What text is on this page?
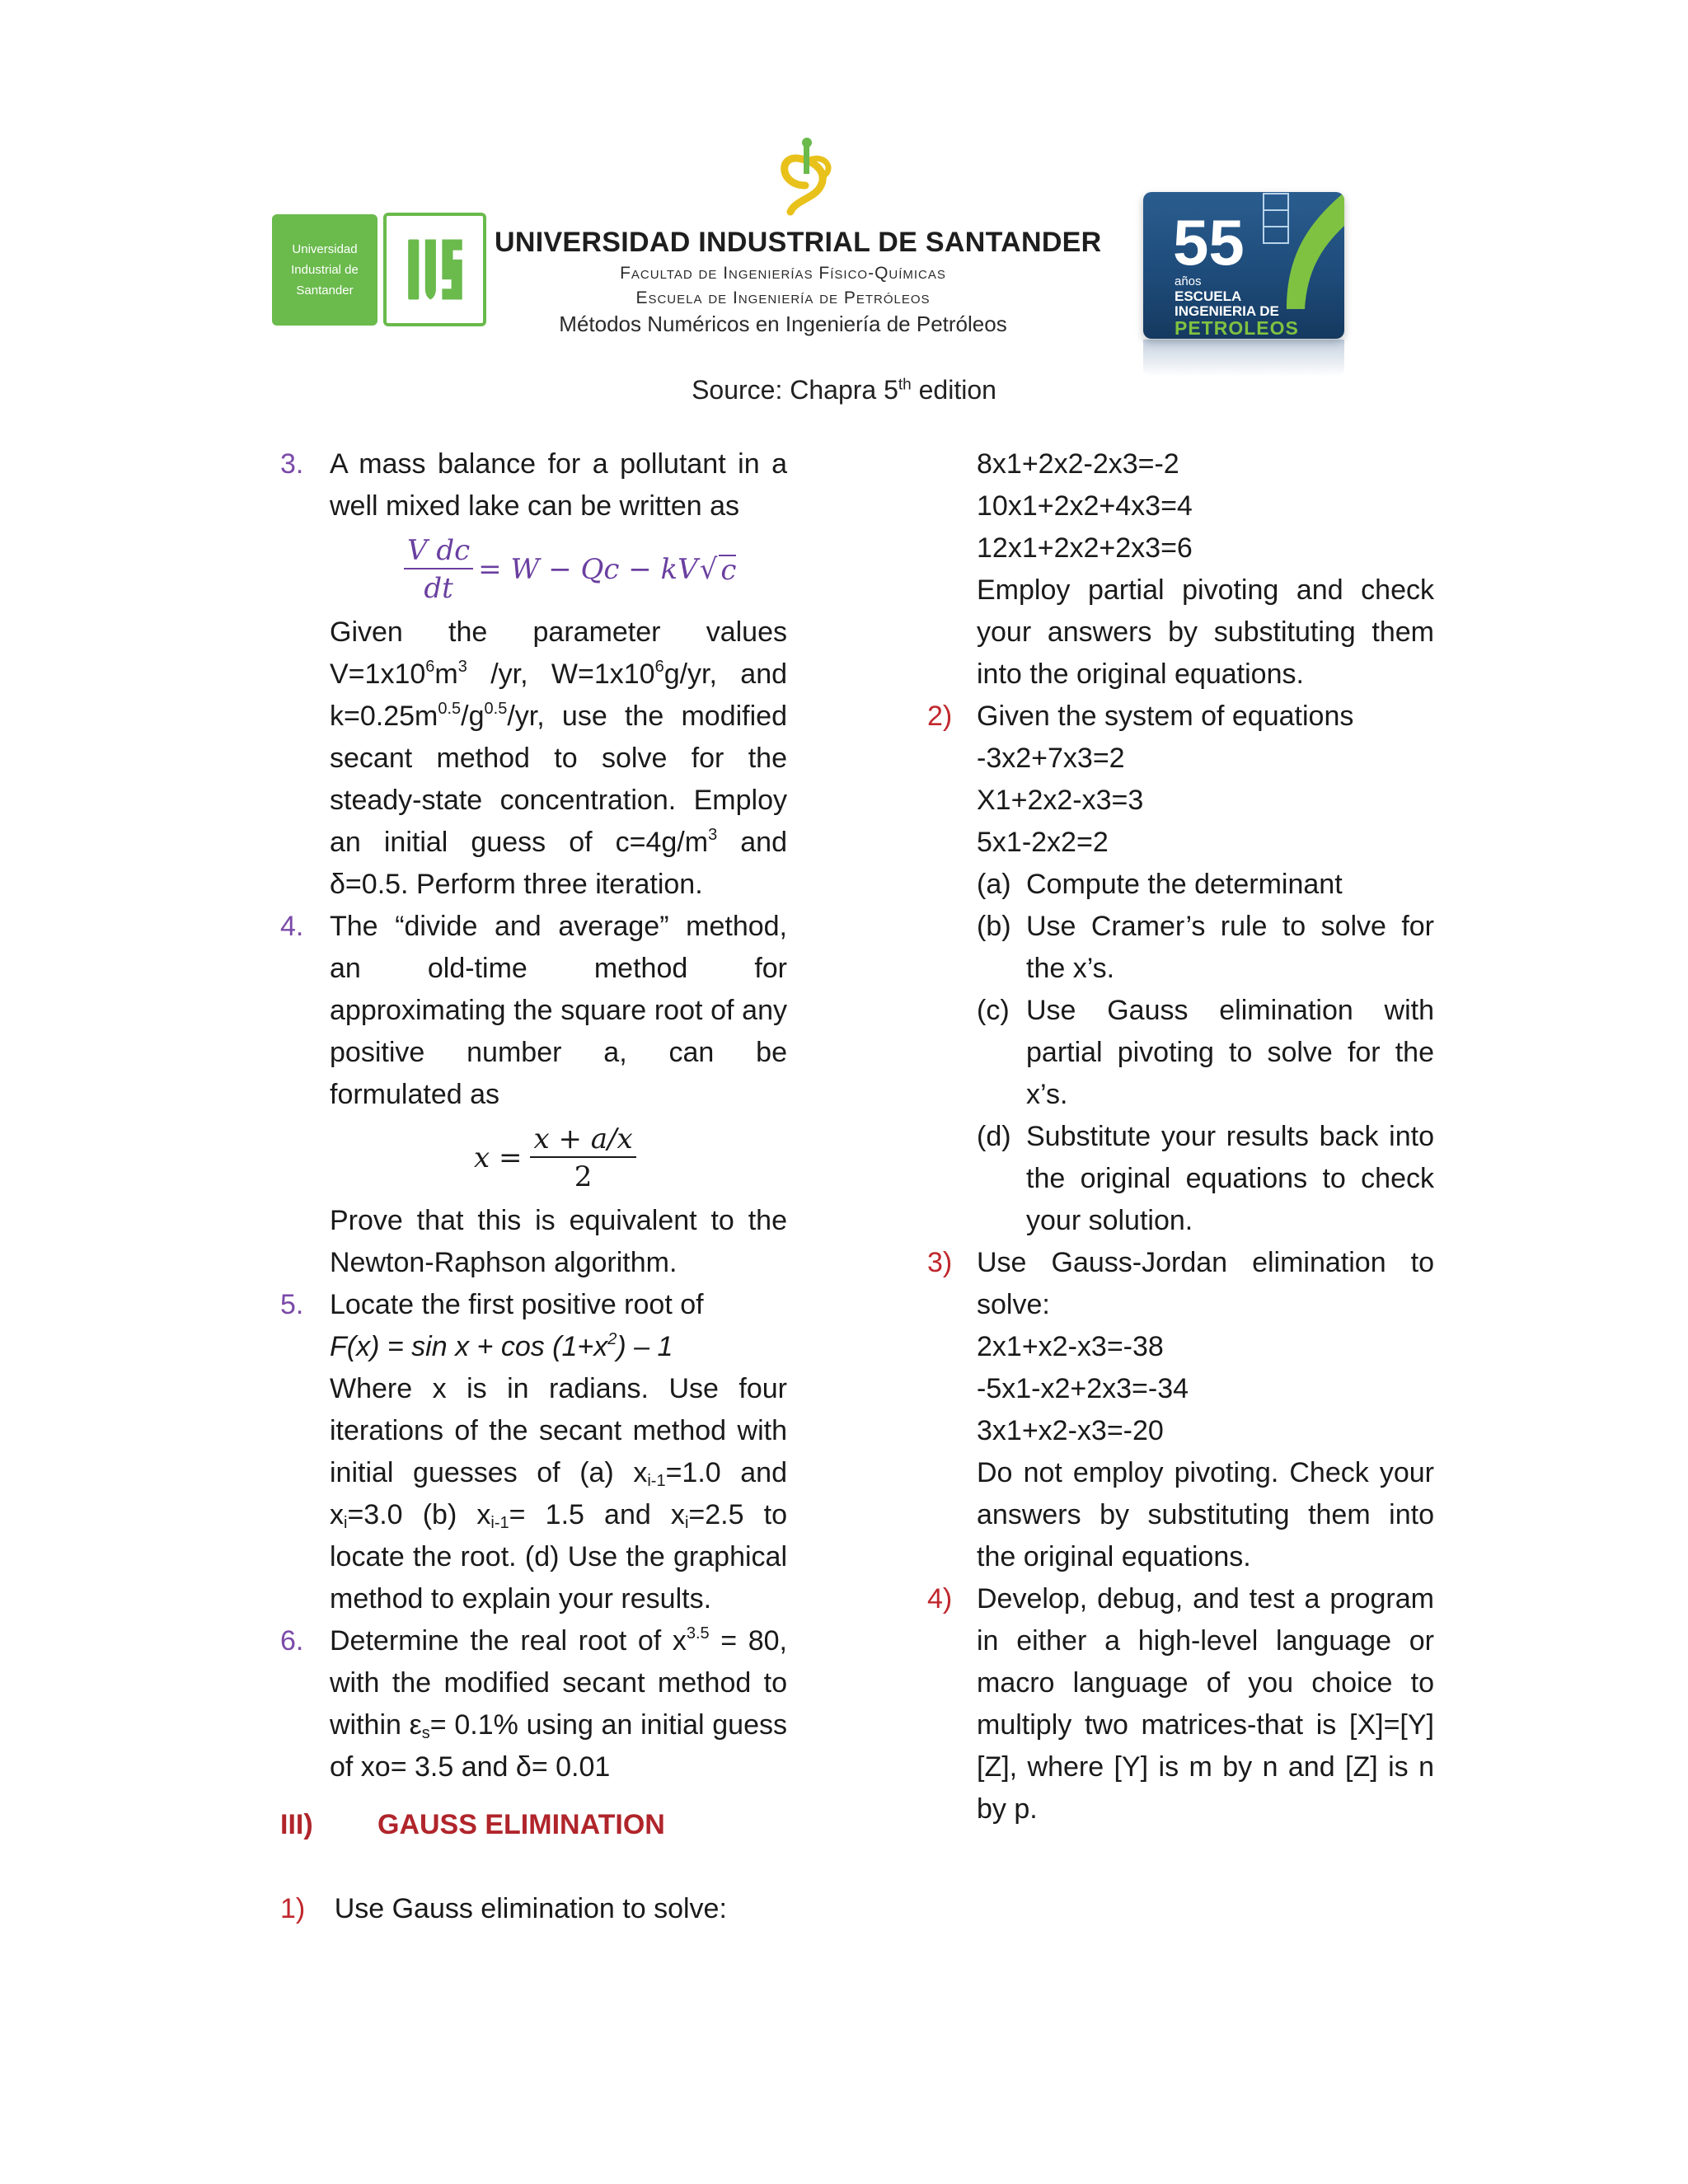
Universidad
Industrial de
Santander
UNIVERSIDAD INDUSTRIAL DE SANTANDER
Facultad de Ingenierías Físico-Químicas
Escuela de Ingeniería de Petróleos
Métodos Numéricos en Ingeniería de Petróleos
55
años
ESCUELA
INGENIERIA DE
PETROLEOS
Source: Chapra 5th edition
3. A mass balance for a pollutant in a well mixed lake can be written as

$\frac{\text{V dc}}{dt} = W - Qc$ − kV √ c

Given the parameter values $V=1x10^6m^3$ /yr, $W=1x10^6g/yr$, and $k=0.25m^{0.5}/g^{0.5}/yr$, use the modified secant method to solve for the steady-state concentration. Employ an initial guess of $c=4g/m^3$ and δ=0.5. Perform three iteration.

4. The “divide and average” method, an old-time method for approximating the square root of any positive number a, can be formulated as

$x = \frac{x + a/x}{2}$

Prove that this is equivalent to the Newton-Raphson algorithm.

5. Locate the first positive root of

$F(x) = \sin x + \cos (1+x^2) - 1$

Where x is in radians. Use four iterations of the secant method with initial guesses of (a) $x_{i-1}=1.0$ and $x_i=3.0$ (b) $x_{i-1}= 1.5$ and $x_i=2.5$ to locate the root. (d) Use the graphical method to explain your results.

6. Determine the real root of $x^{3.5} = 80$, with the modified secant method to within $\varepsilon_s= 0.1\%$ using an initial guess of xo= 3.5 and δ= 0.01

III) GAUSS ELIMINATION
1) Use Gauss elimination to solve:
8x1+2x2-2x3=-2
10x1+2x2+4x3=4
12x1+2x2+2x3=6

Employ partial pivoting and check your answers by substituting them into the original equations.

2) Given the system of equations

-3x2+7x3=2
X1+2x2-x3=3
5x1-2x2=2
(a) Compute the determinant

(b) Use Cramer’s rule to solve for the x’s.

(c) Use Gauss elimination with partial pivoting to solve for the x’s.

(d) Substitute your results back into the original equations to check your solution.

3) Use Gauss-Jordan elimination to solve:

2x1+x2-x3=-38
-5x1-x2+2x3=-34
3x1+x2-x3=-20

Do not employ pivoting. Check your answers by substituting them into the original equations.

4) Develop, debug, and test a program in either a high-level language or macro language of you choice to multiply two matrices-that is [X]=[Y][Z], where [Y] is m by n and [Z] is n by p.
